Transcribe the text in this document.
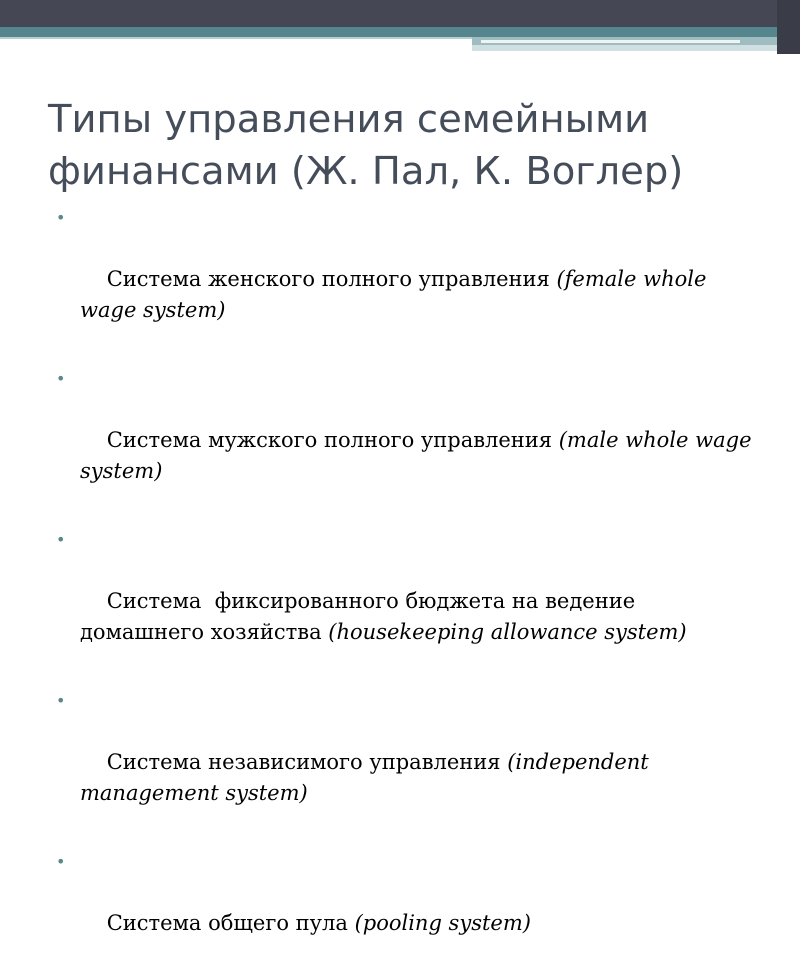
Типы управления семейными финансами (Ж. Пал, К. Воглер)

•

Система женского полного управления (female whole wage system)

•

Система мужского полного управления (male whole wage system)

•

Система  фиксированного бюджета на ведение домашнего хозяйства (housekeeping allowance system)

•

Система независимого управления (independent management system)

•

Система общего пула (pooling system)
